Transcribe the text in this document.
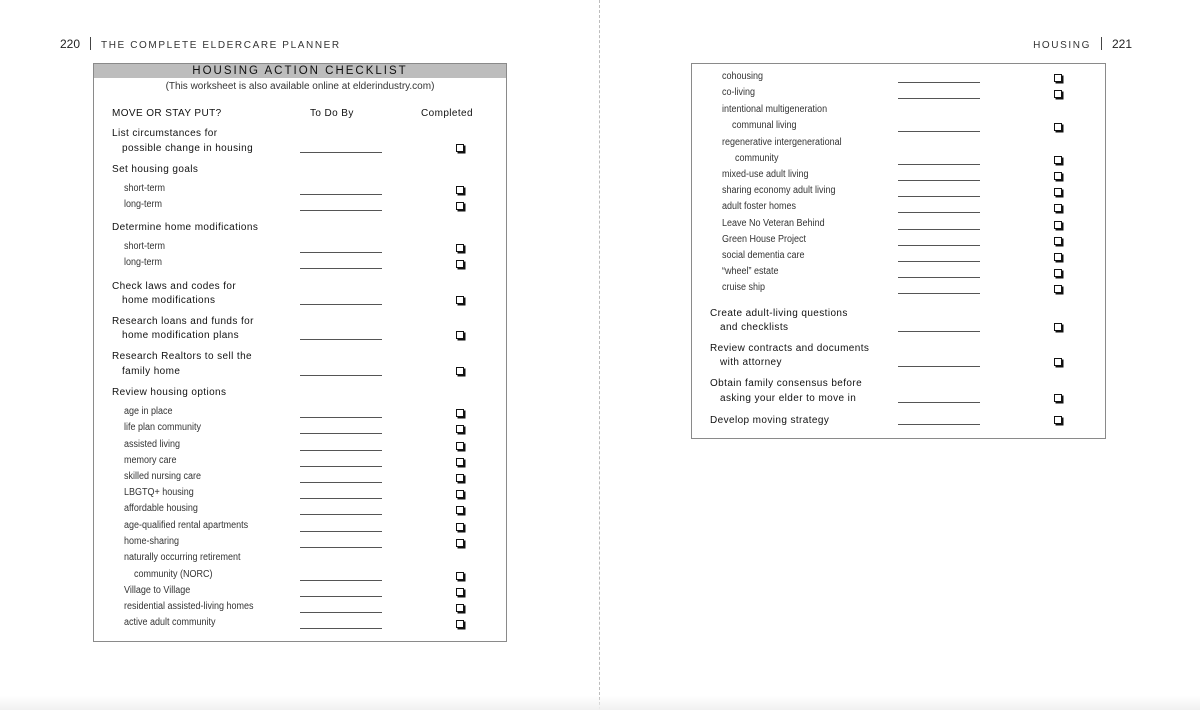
220 THE COMPLETE ELDERCARE PLANNER
HOUSING ACTION CHECKLIST
(This worksheet is also available online at elderindustry.com)
MOVE OR STAY PUT?	To Do By	Completed
List circumstances for
possible change in housing
Set housing goals
short-term
long-term
Determine home modifications
short-term
long-term
Check laws and codes for
home modifications
Research loans and funds for
home modification plans
Research Realtors to sell the
family home
Review housing options
age in place
life plan community
assisted living
memory care
skilled nursing care
LBGTQ+ housing
affordable housing
age-qualified rental apartments
home-sharing
naturally occurring retirement
community (NORC)
Village to Village
residential assisted-living homes
active adult community
HOUSING 221
cohousing
co-living
intentional multigeneration
communal living
regenerative intergenerational
community
mixed-use adult living
sharing economy adult living
adult foster homes
Leave No Veteran Behind
Green House Project
social dementia care
“wheel” estate
cruise ship
Create adult-living questions
and checklists
Review contracts and documents
with attorney
Obtain family consensus before
asking your elder to move in
Develop moving strategy
